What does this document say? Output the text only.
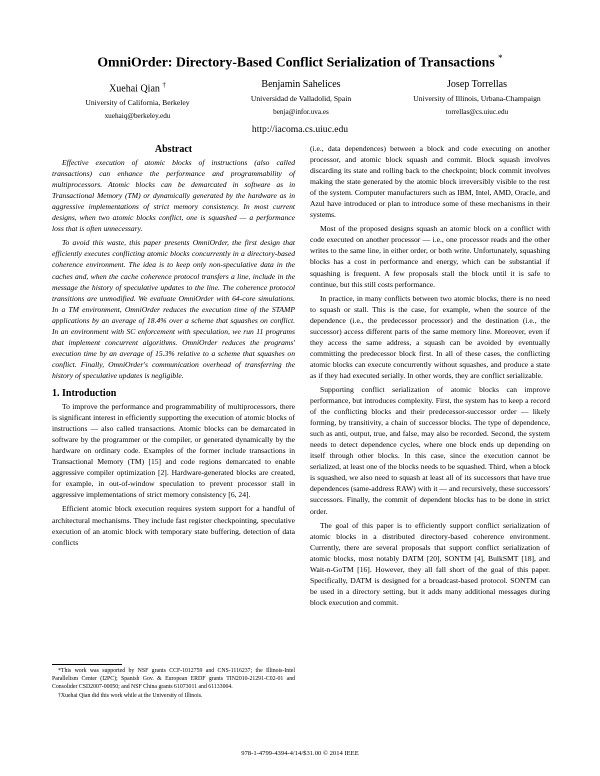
OmniOrder: Directory-Based Conflict Serialization of Transactions *
Xuehai Qian †
University of California, Berkeley
xuehaiq@berkeley.edu
Benjamin Sahelices
Universidad de Valladolid, Spain
benja@infor.uva.es
Josep Torrellas
University of Illinois, Urbana-Champaign
torrellas@cs.uiuc.edu
http://iacoma.cs.uiuc.edu
Abstract

Effective execution of atomic blocks of instructions (also called transactions) can enhance the performance and programmability of multiprocessors. Atomic blocks can be demarcated in software as in Transactional Memory (TM) or dynamically generated by the hardware as in aggressive implementations of strict memory consistency. In most current designs, when two atomic blocks conflict, one is squashed — a performance loss that is often unnecessary.

To avoid this waste, this paper presents OmniOrder, the first design that efficiently executes conflicting atomic blocks concurrently in a directory-based coherence environment. The idea is to keep only non-speculative data in the caches and, when the cache coherence protocol transfers a line, include in the message the history of speculative updates to the line. The coherence protocol transitions are unmodified. We evaluate OmniOrder with 64-core simulations. In a TM environment, OmniOrder reduces the execution time of the STAMP applications by an average of 18.4% over a scheme that squashes on conflict. In an environment with SC enforcement with speculation, we run 11 programs that implement concurrent algorithms. OmniOrder reduces the programs' execution time by an average of 15.3% relative to a scheme that squashes on conflict. Finally, OmniOrder's communication overhead of transferring the history of speculative updates is negligible.

1. Introduction

To improve the performance and programmability of multiprocessors, there is significant interest in efficiently supporting the execution of atomic blocks of instructions — also called transactions. Atomic blocks can be demarcated in software by the programmer or the compiler, or generated dynamically by the hardware on ordinary code. Examples of the former include transactions in Transactional Memory (TM) [15] and code regions demarcated to enable aggressive compiler optimization [2]. Hardware-generated blocks are created, for example, in out-of-window speculation to prevent processor stall in aggressive implementations of strict memory consistency [6, 24].

Efficient atomic block execution requires system support for a handful of architectural mechanisms. They include fast register checkpointing, speculative execution of an atomic block with temporary state buffering, detection of data conflicts

(i.e., data dependences) between a block and code executing on another processor, and atomic block squash and commit. Block squash involves discarding its state and rolling back to the checkpoint; block commit involves making the state generated by the atomic block irreversibly visible to the rest of the system. Computer manufacturers such as IBM, Intel, AMD, Oracle, and Azul have introduced or plan to introduce some of these mechanisms in their systems.

Most of the proposed designs squash an atomic block on a conflict with code executed on another processor — i.e., one processor reads and the other writes to the same line, in either order, or both write. Unfortunately, squashing blocks has a cost in performance and energy, which can be substantial if squashing is frequent. A few proposals stall the block until it is safe to continue, but this still costs performance.

In practice, in many conflicts between two atomic blocks, there is no need to squash or stall. This is the case, for example, when the source of the dependence (i.e., the predecessor processor) and the destination (i.e., the successor) access different parts of the same memory line. Moreover, even if they access the same address, a squash can be avoided by eventually committing the predecessor block first. In all of these cases, the conflicting atomic blocks can execute concurrently without squashes, and produce a state as if they had executed serially. In other words, they are conflict serializable.

Supporting conflict serialization of atomic blocks can improve performance, but introduces complexity. First, the system has to keep a record of the conflicting blocks and their predecessor-successor order — likely forming, by transitivity, a chain of successor blocks. The type of dependence, such as anti, output, true, and false, may also be recorded. Second, the system needs to detect dependence cycles, where one block ends up depending on itself through other blocks. In this case, since the execution cannot be serialized, at least one of the blocks needs to be squashed. Third, when a block is squashed, we also need to squash at least all of its successors that have true dependences (same-address RAW) with it — and recursively, these successors' successors. Finally, the commit of dependent blocks has to be done in strict order.

The goal of this paper is to efficiently support conflict serialization of atomic blocks in a distributed directory-based coherence environment. Currently, there are several proposals that support conflict serialization of atomic blocks, most notably DATM [20], SONTM [4], BulkSMT [18], and Wait-n-GoTM [16]. However, they all fall short of the goal of this paper. Specifically, DATM is designed for a broadcast-based protocol. SONTM can be used in a directory setting, but it adds many additional messages during block execution and commit.

*This work was supported by NSF grants CCF-1012759 and CNS-1116237; the Illinois-Intel Parallelism Center (I2PC); Spanish Gov. & European ERDF grants TIN2010-21291-C02-01 and Consolider CSD2007-00050; and NSF China grants 61073011 and 61133004.

†Xuehai Qian did this work while at the University of Illinois.

978-1-4799-4394-4/14/$31.00 © 2014 IEEE
